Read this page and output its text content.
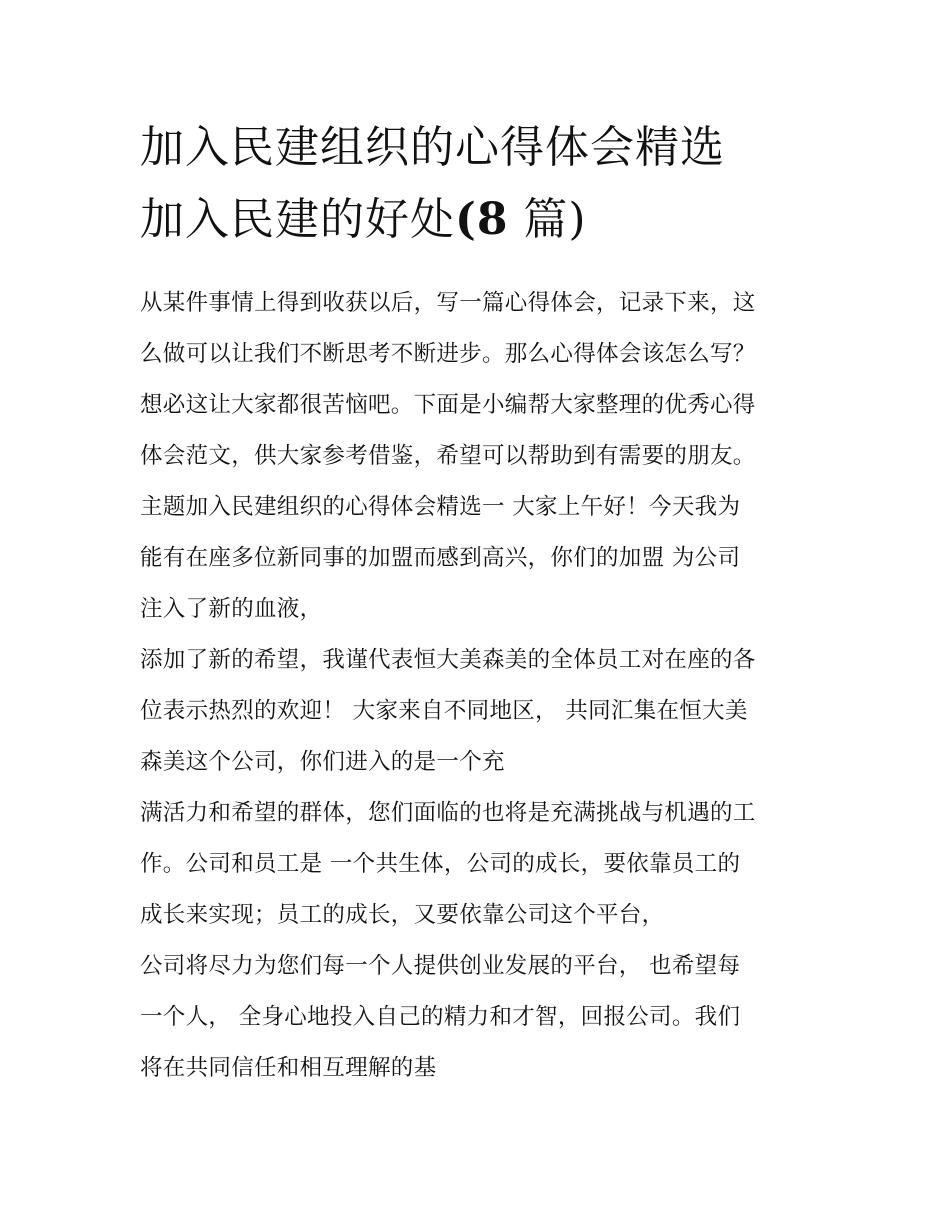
加入民建组织的心得体会精选
加入民建的好处(8 篇)
从某件事情上得到收获以后，写一篇心得体会，记录下来，这
么做可以让我们不断思考不断进步。那么心得体会该怎么写？
想必这让大家都很苦恼吧。下面是小编帮大家整理的优秀心得
体会范文，供大家参考借鉴，希望可以帮助到有需要的朋友。
主题加入民建组织的心得体会精选一 大家上午好！今天我为
能有在座多位新同事的加盟而感到高兴，你们的加盟 为公司
注入了新的血液，
添加了新的希望，我谨代表恒大美森美的全体员工对在座的各
位表示热烈的欢迎！ 大家来自不同地区， 共同汇集在恒大美
森美这个公司，你们进入的是一个充
满活力和希望的群体，您们面临的也将是充满挑战与机遇的工
作。公司和员工是 一个共生体，公司的成长，要依靠员工的
成长来实现；员工的成长，又要依靠公司这个平台，
公司将尽力为您们每一个人提供创业发展的平台， 也希望每
一个人， 全身心地投入自己的精力和才智，回报公司。我们
将在共同信任和相互理解的基
